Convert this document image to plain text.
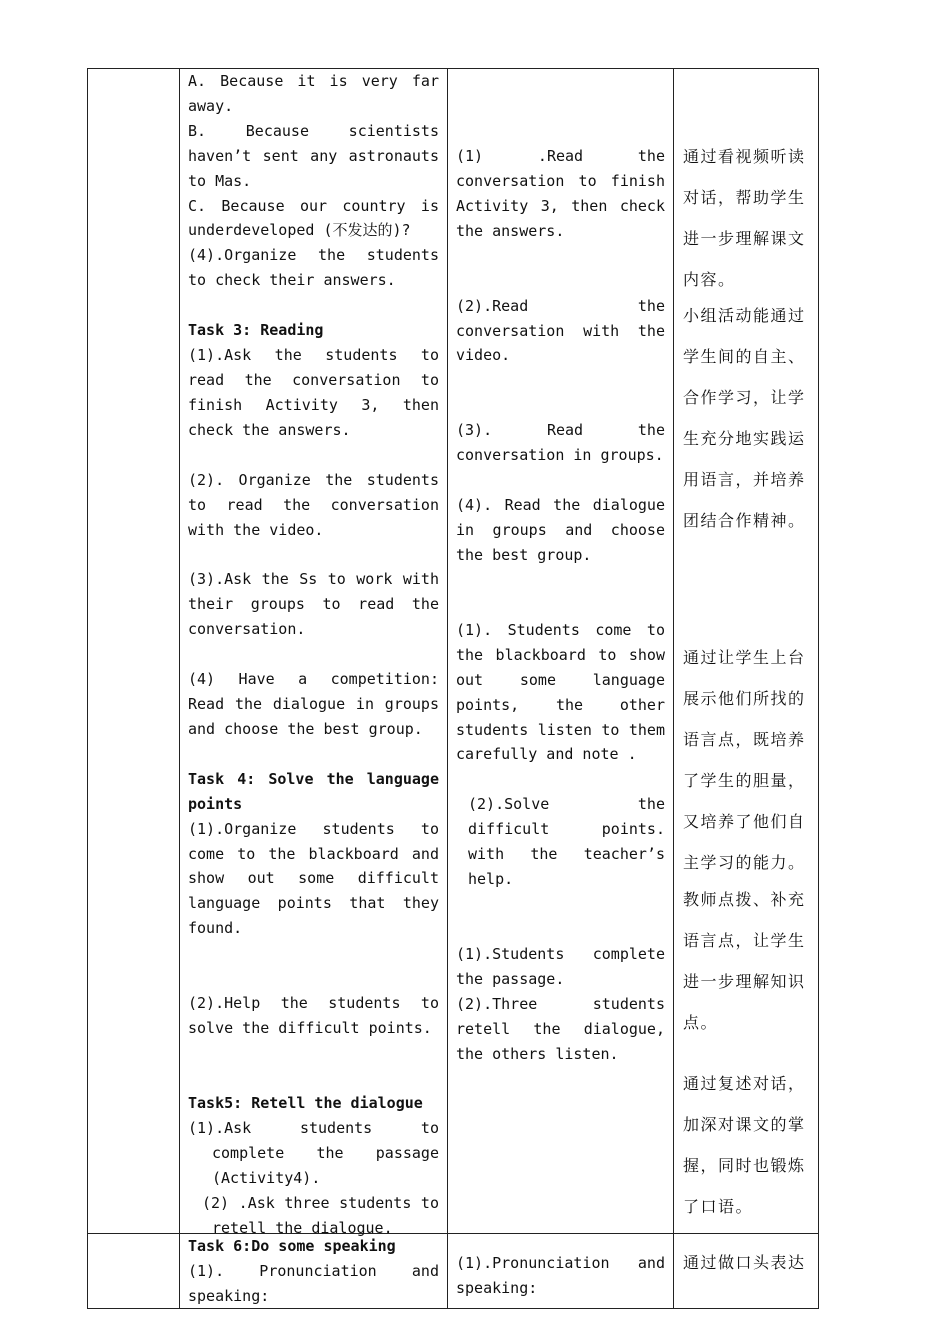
A. Because it is very far away.

B. Because scientists haven’t sent any astronauts to Mas.

C. Because our country is underdeveloped (不发达的)?

(4).Organize the students to check their answers.

Task 3: Reading

(1).Ask the students to read the conversation to finish Activity 3, then check the answers.

(2). Organize the students to read the conversation with the video.

(3).Ask the Ss to work with their groups to read the conversation.

(4) Have a competition: Read the dialogue in groups and choose the best group.

Task 4: Solve the language points

(1).Organize students to come to the blackboard and show out some difficult language points that they found.

(2).Help the students to solve the difficult points.

Task5: Retell the dialogue

(1).Ask students to complete the passage (Activity4).

(2) .Ask three students to retell the dialogue.

(1) .Read the conversation to finish Activity 3, then check the answers.

(2).Read the conversation with the video.

(3). Read the conversation in groups.

(4). Read the dialogue in groups and choose the best group.

(1). Students come to the blackboard to show out some language points, the other students listen to them carefully and note .

(2).Solve the difficult points. with the teacher’s help.

(1).Students complete the passage.

(2).Three students retell the dialogue, the others listen.

通过看视频听读对话，帮助学生进一步理解课文内容。

小组活动能通过学生间的自主、合作学习，让学生充分地实践运用语言，并培养团结合作精神。

通过让学生上台展示他们所找的语言点，既培养了学生的胆量，又培养了他们自主学习的能力。

教师点拨、补充语言点，让学生进一步理解知识点。

通过复述对话，加深对课文的掌握，同时也锻炼了口语。

Task 6:Do some speaking

(1). Pronunciation and speaking:

(1).Pronunciation and speaking:

通过做口头表达
